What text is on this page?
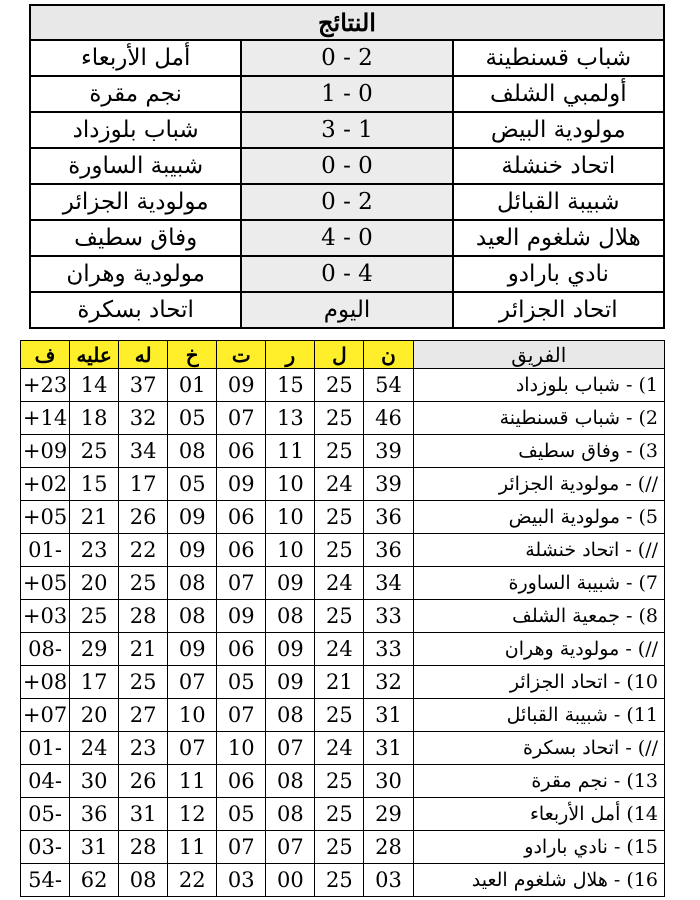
النتائج		
أمل الأربعاء	0 - 2	شباب قسنطينة
نجم مقرة	1 - 0	أولمبي الشلف
شباب بلوزداد	3 - 1	مولودية البيض
شبيبة الساورة	0 - 0	اتحاد خنشلة
مولودية الجزائر	0 - 2	شبيبة القبائل
وفاق سطيف	4 - 0	هلال شلغوم العيد
مولودية وهران	0 - 4	نادي بارادو
اتحاد بسكرة	اليوم	اتحاد الجزائر
ف	عليه	له	خ	ت	ر	ل	ن	الفريق
+23	14	37	01	09	15	25	54	1) - شباب بلوزداد
+14	18	32	05	07	13	25	46	2) - شباب قسنطينة
+09	25	34	08	06	11	25	39	3) - وفاق سطيف
+02	15	17	05	09	10	24	39	//) - مولودية الجزائر
+05	21	26	09	06	10	25	36	5) - مولودية البيض
01-	23	22	09	06	10	25	36	//) - اتحاد خنشلة
+05	20	25	08	07	09	24	34	7) - شبيبة الساورة
+03	25	28	08	09	08	25	33	8) - جمعية الشلف
08-	29	21	09	06	09	24	33	//) - مولودية وهران
+08	17	25	07	05	09	21	32	10) - اتحاد الجزائر
+07	20	27	10	07	08	25	31	11) - شبيبة القبائل
01-	24	23	07	10	07	24	31	//) - اتحاد بسكرة
04-	30	26	11	06	08	25	30	13) - نجم مقرة
05-	36	31	12	05	08	25	29	14) أمل الأربعاء
03-	31	28	11	07	07	25	28	15) - نادي بارادو
54-	62	08	22	03	00	25	03	16) - هلال شلغوم العيد
